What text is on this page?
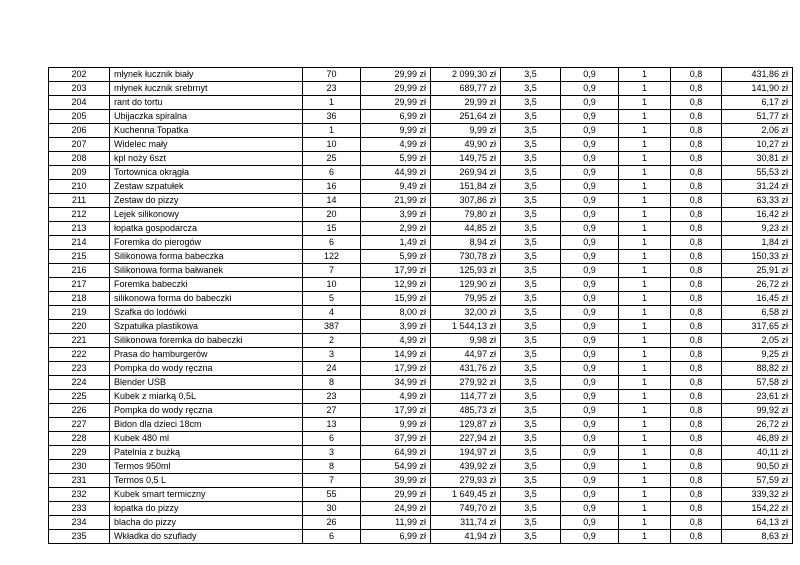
202	młynek łucznik biały	70	29,99 zł	2 099,30 zł	3,5	0,9	1	0,8	431,86 zł
203	młynek łucznik srebrnyt	23	29,99 zł	689,77 zł	3,5	0,9	1	0,8	141,90 zł
204	rant do tortu	1	29,99 zł	29,99 zł	3,5	0,9	1	0,8	6,17 zł
205	Ubijaczka spiralna	36	6,99 zł	251,64 zł	3,5	0,9	1	0,8	51,77 zł
206	Kuchenna Topatka	1	9,99 zł	9,99 zł	3,5	0,9	1	0,8	2,06 zł
207	Widelec mały	10	4,99 zł	49,90 zł	3,5	0,9	1	0,8	10,27 zł
208	kpl noży 6szt	25	5,99 zł	149,75 zł	3,5	0,9	1	0,8	30,81 zł
209	Tortownica okrągła	6	44,99 zł	269,94 zł	3,5	0,9	1	0,8	55,53 zł
210	Zestaw szpatułek	16	9,49 zł	151,84 zł	3,5	0,9	1	0,8	31,24 zł
211	Zestaw do pizzy	14	21,99 zł	307,86 zł	3,5	0,9	1	0,8	63,33 zł
212	Lejek silikonowy	20	3,99 zł	79,80 zł	3,5	0,9	1	0,8	16,42 zł
213	łopatka gospodarcza	15	2,99 zł	44,85 zł	3,5	0,9	1	0,8	9,23 zł
214	Foremka do pierogów	6	1,49 zł	8,94 zł	3,5	0,9	1	0,8	1,84 zł
215	Silikonowa forma babeczka	122	5,99 zł	730,78 zł	3,5	0,9	1	0,8	150,33 zł
216	Silikonowa forma bałwanek	7	17,99 zł	125,93 zł	3,5	0,9	1	0,8	25,91 zł
217	Foremka babeczki	10	12,99 zł	129,90 zł	3,5	0,9	1	0,8	26,72 zł
218	silikonowa forma do babeczki	5	15,99 zł	79,95 zł	3,5	0,9	1	0,8	16,45 zł
219	Szafka do lodówki	4	8,00 zł	32,00 zł	3,5	0,9	1	0,8	6,58 zł
220	Szpatułka plastikowa	387	3,99 zł	1 544,13 zł	3,5	0,9	1	0,8	317,65 zł
221	Silikonowa foremka do babeczki	2	4,99 zł	9,98 zł	3,5	0,9	1	0,8	2,05 zł
222	Prasa do hamburgerów	3	14,99 zł	44,97 zł	3,5	0,9	1	0,8	9,25 zł
223	Pompka do wody ręczna	24	17,99 zł	431,76 zł	3,5	0,9	1	0,8	88,82 zł
224	Blender USB	8	34,99 zł	279,92 zł	3,5	0,9	1	0,8	57,58 zł
225	Kubek z miarką 0,5L	23	4,99 zł	114,77 zł	3,5	0,9	1	0,8	23,61 zł
226	Pompka do wody ręczna	27	17,99 zł	485,73 zł	3,5	0,9	1	0,8	99,92 zł
227	Bidon dla dzieci 18cm	13	9,99 zł	129,87 zł	3,5	0,9	1	0,8	26,72 zł
228	Kubek 480 ml	6	37,99 zł	227,94 zł	3,5	0,9	1	0,8	46,89 zł
229	Patelnia z bużką	3	64,99 zł	194,97 zł	3,5	0,9	1	0,8	40,11 zł
230	Termos 950ml	8	54,99 zł	439,92 zł	3,5	0,9	1	0,8	90,50 zł
231	Termos 0,5 L	7	39,99 zł	279,93 zł	3,5	0,9	1	0,8	57,59 zł
232	Kubek smart termiczny	55	29,99 zł	1 649,45 zł	3,5	0,9	1	0,8	339,32 zł
233	łopatka do pizzy	30	24,99 zł	749,70 zł	3,5	0,9	1	0,8	154,22 zł
234	blacha do pizzy	26	11,99 zł	311,74 zł	3,5	0,9	1	0,8	64,13 zł
235	Wkładka do szuflady	6	6,99 zł	41,94 zł	3,5	0,9	1	0,8	8,63 zł
